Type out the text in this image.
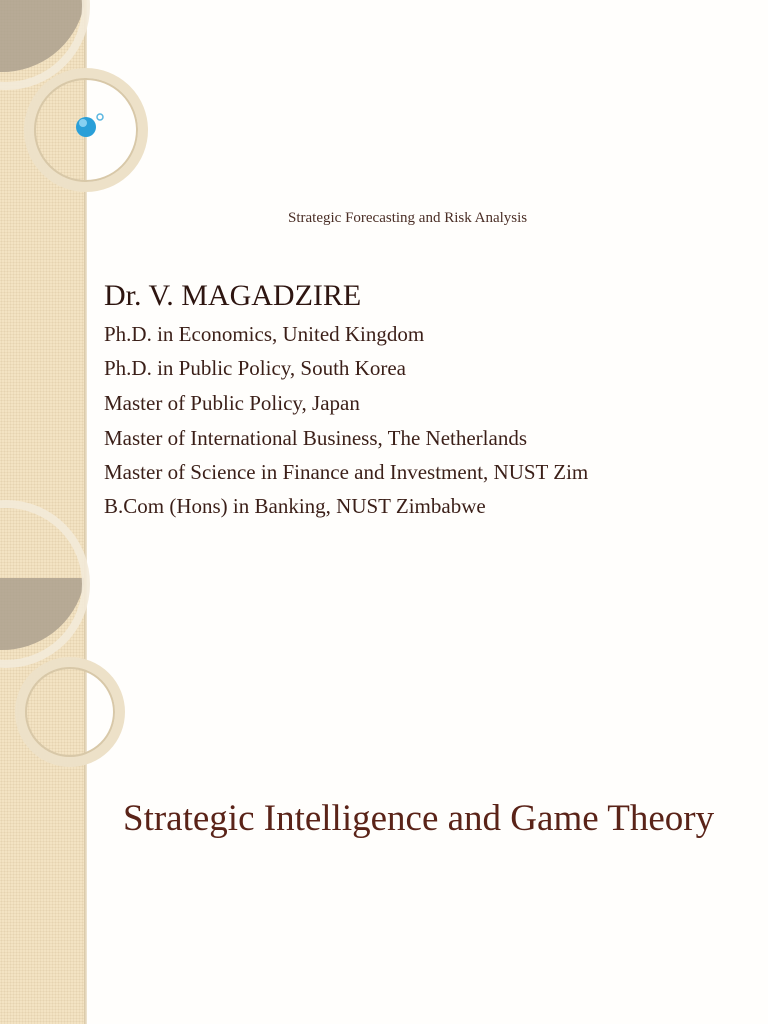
Strategic Forecasting and Risk Analysis
Dr. V. MAGADZIRE
Ph.D. in Economics, United Kingdom
Ph.D. in Public Policy, South Korea
Master of Public Policy, Japan
Master of International Business, The Netherlands
Master of Science in Finance and Investment, NUST Zim
B.Com (Hons) in Banking, NUST Zimbabwe
Strategic Intelligence and Game Theory
